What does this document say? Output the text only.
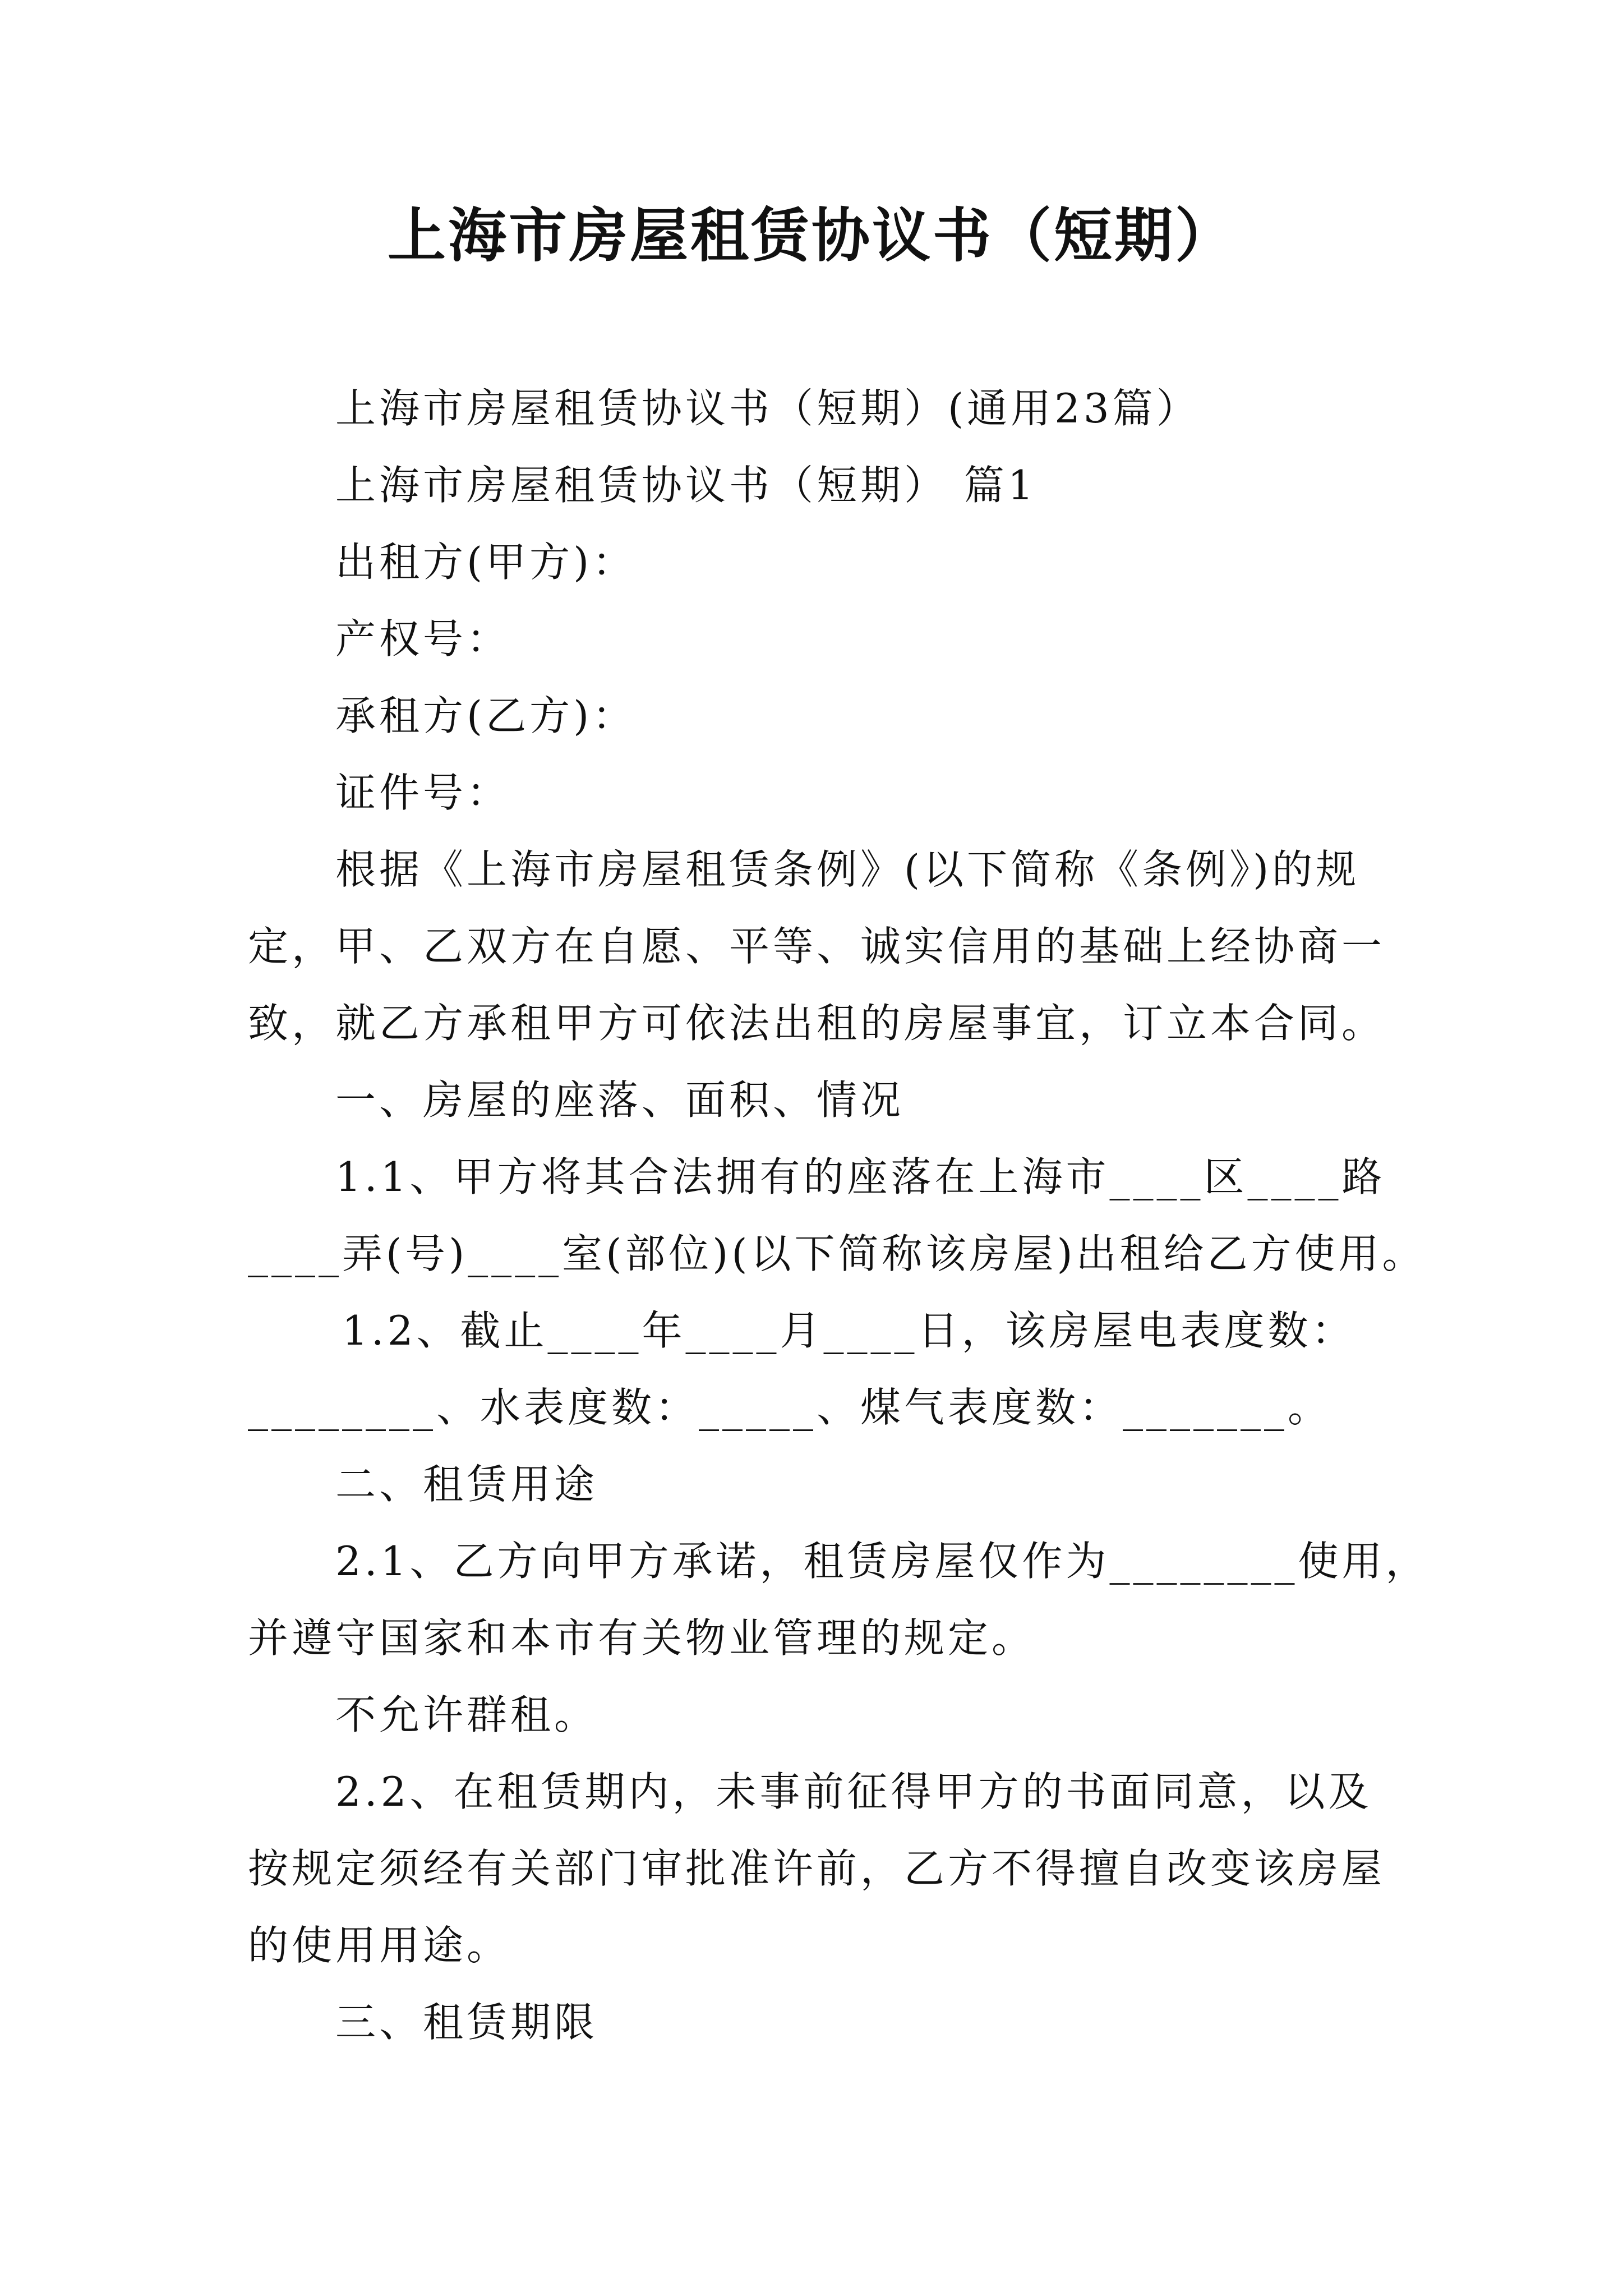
上海市房屋租赁协议书（短期）
上海市房屋租赁协议书（短期）(通用23篇）
上海市房屋租赁协议书（短期） 篇1
出租方(甲方)：
产权号：
承租方(乙方)：
证件号：
根据《上海市房屋租赁条例》(以下简称《条例》)的规
定，甲、乙双方在自愿、平等、诚实信用的基础上经协商一
致，就乙方承租甲方可依法出租的房屋事宜，订立本合同。
一、房屋的座落、面积、情况
1.1、甲方将其合法拥有的座落在上海市____区____路
____弄(号)____室(部位)(以下简称该房屋)出租给乙方使用。
1.2、截止____年____月____日，该房屋电表度数：
________、水表度数：_____、煤气表度数：_______。
二、租赁用途
2.1、乙方向甲方承诺，租赁房屋仅作为________使用，
并遵守国家和本市有关物业管理的规定。
不允许群租。
2.2、在租赁期内，未事前征得甲方的书面同意，以及
按规定须经有关部门审批准许前，乙方不得擅自改变该房屋
的使用用途。
三、租赁期限
